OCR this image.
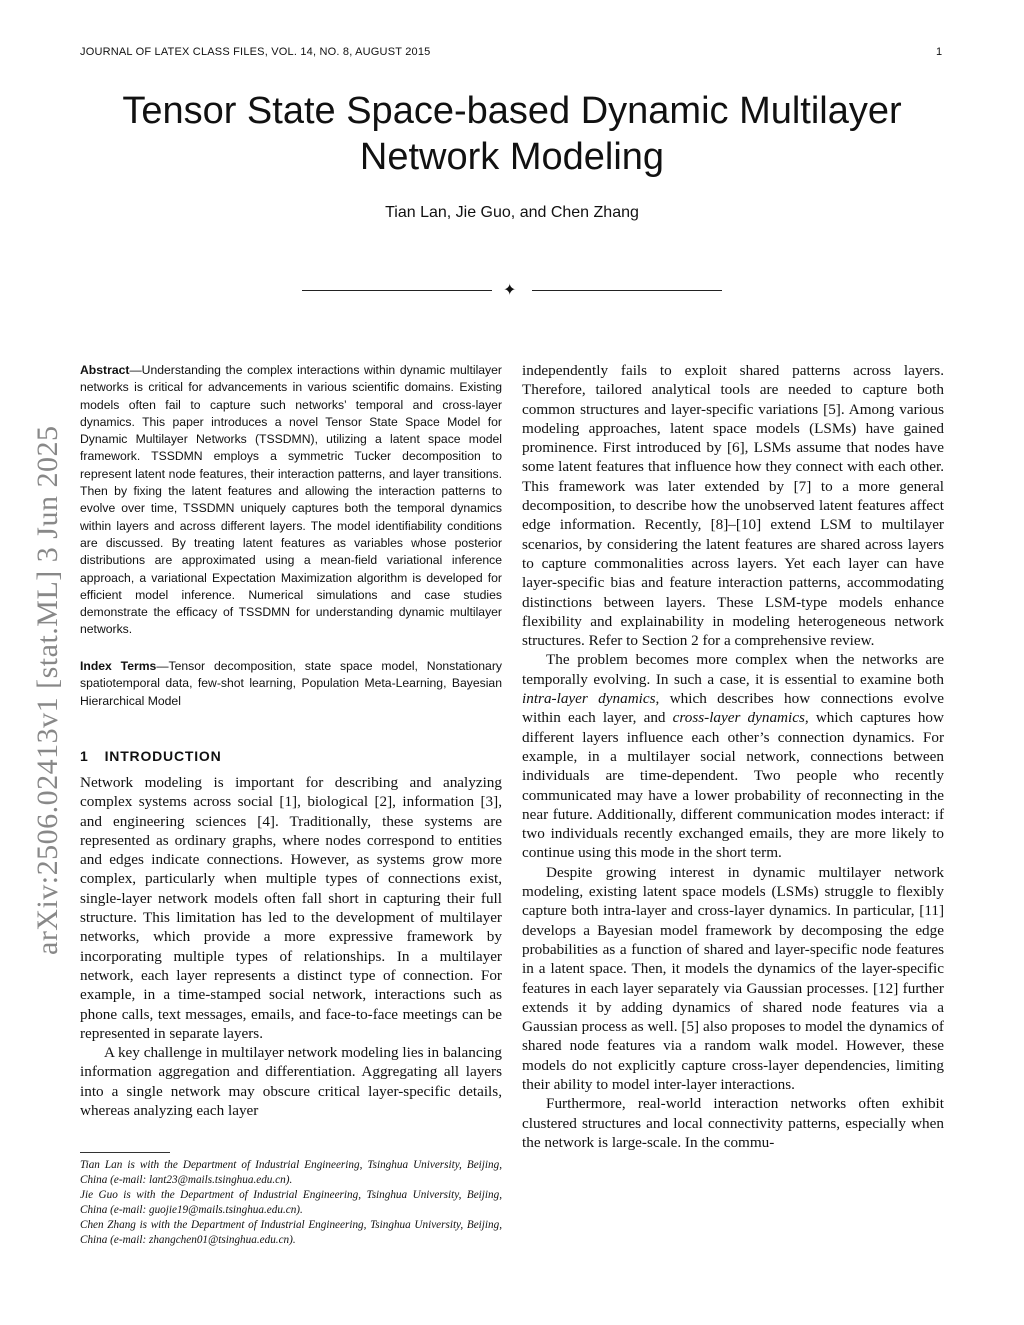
JOURNAL OF LATEX CLASS FILES, VOL. 14, NO. 8, AUGUST 2015	1
Tensor State Space-based Dynamic Multilayer Network Modeling
Tian Lan, Jie Guo, and Chen Zhang
✦
arXiv:2506.02413v1 [stat.ML] 3 Jun 2025
Abstract—Understanding the complex interactions within dynamic multilayer networks is critical for advancements in various scientific domains. Existing models often fail to capture such networks’ temporal and cross-layer dynamics. This paper introduces a novel Tensor State Space Model for Dynamic Multilayer Networks (TSSDMN), utilizing a latent space model framework. TSSDMN employs a symmetric Tucker decomposition to represent latent node features, their interaction patterns, and layer transitions. Then by fixing the latent features and allowing the interaction patterns to evolve over time, TSSDMN uniquely captures both the temporal dynamics within layers and across different layers. The model identifiability conditions are discussed. By treating latent features as variables whose posterior distributions are approximated using a mean-field variational inference approach, a variational Expectation Maximization algorithm is developed for efficient model inference. Numerical simulations and case studies demonstrate the efficacy of TSSDMN for understanding dynamic multilayer networks.
Index Terms—Tensor decomposition, state space model, Nonstationary spatiotemporal data, few-shot learning, Population Meta-Learning, Bayesian Hierarchical Model
1 INTRODUCTION

Network modeling is important for describing and analyzing complex systems across social [1], biological [2], information [3], and engineering sciences [4]. Traditionally, these systems are represented as ordinary graphs, where nodes correspond to entities and edges indicate connections. However, as systems grow more complex, particularly when multiple types of connections exist, single-layer network models often fall short in capturing their full structure. This limitation has led to the development of multilayer networks, which provide a more expressive framework by incorporating multiple types of relationships. In a multilayer network, each layer represents a distinct type of connection. For example, in a time-stamped social network, interactions such as phone calls, text messages, emails, and face-to-face meetings can be represented in separate layers.

A key challenge in multilayer network modeling lies in balancing information aggregation and differentiation. Aggregating all layers into a single network may obscure critical layer-specific details, whereas analyzing each layer

Tian Lan is with the Department of Industrial Engineering, Tsinghua University, Beijing, China (e-mail: lant23@mails.tsinghua.edu.cn).

Jie Guo is with the Department of Industrial Engineering, Tsinghua University, Beijing, China (e-mail: guojie19@mails.tsinghua.edu.cn).

Chen Zhang is with the Department of Industrial Engineering, Tsinghua University, Beijing, China (e-mail: zhangchen01@tsinghua.edu.cn).

independently fails to exploit shared patterns across layers. Therefore, tailored analytical tools are needed to capture both common structures and layer-specific variations [5]. Among various modeling approaches, latent space models (LSMs) have gained prominence. First introduced by [6], LSMs assume that nodes have some latent features that influence how they connect with each other. This framework was later extended by [7] to a more general decomposition, to describe how the unobserved latent features affect edge information. Recently, [8]–[10] extend LSM to multilayer scenarios, by considering the latent features are shared across layers to capture commonalities across layers. Yet each layer can have layer-specific bias and feature interaction patterns, accommodating distinctions between layers. These LSM-type models enhance flexibility and explainability in modeling heterogeneous network structures. Refer to Section 2 for a comprehensive review.

The problem becomes more complex when the networks are temporally evolving. In such a case, it is essential to examine both intra-layer dynamics, which describes how connections evolve within each layer, and cross-layer dynamics, which captures how different layers influence each other’s connection dynamics. For example, in a multilayer social network, connections between individuals are time-dependent. Two people who recently communicated may have a lower probability of reconnecting in the near future. Additionally, different communication modes interact: if two individuals recently exchanged emails, they are more likely to continue using this mode in the short term.

Despite growing interest in dynamic multilayer network modeling, existing latent space models (LSMs) struggle to flexibly capture both intra-layer and cross-layer dynamics. In particular, [11] develops a Bayesian model framework by decomposing the edge probabilities as a function of shared and layer-specific node features in a latent space. Then, it models the dynamics of the layer-specific features in each layer separately via Gaussian processes. [12] further extends it by adding dynamics of shared node features via a Gaussian process as well. [5] also proposes to model the dynamics of shared node features via a random walk model. However, these models do not explicitly capture cross-layer dependencies, limiting their ability to model inter-layer interactions.

Furthermore, real-world interaction networks often exhibit clustered structures and local connectivity patterns, especially when the network is large-scale. In the commu-
